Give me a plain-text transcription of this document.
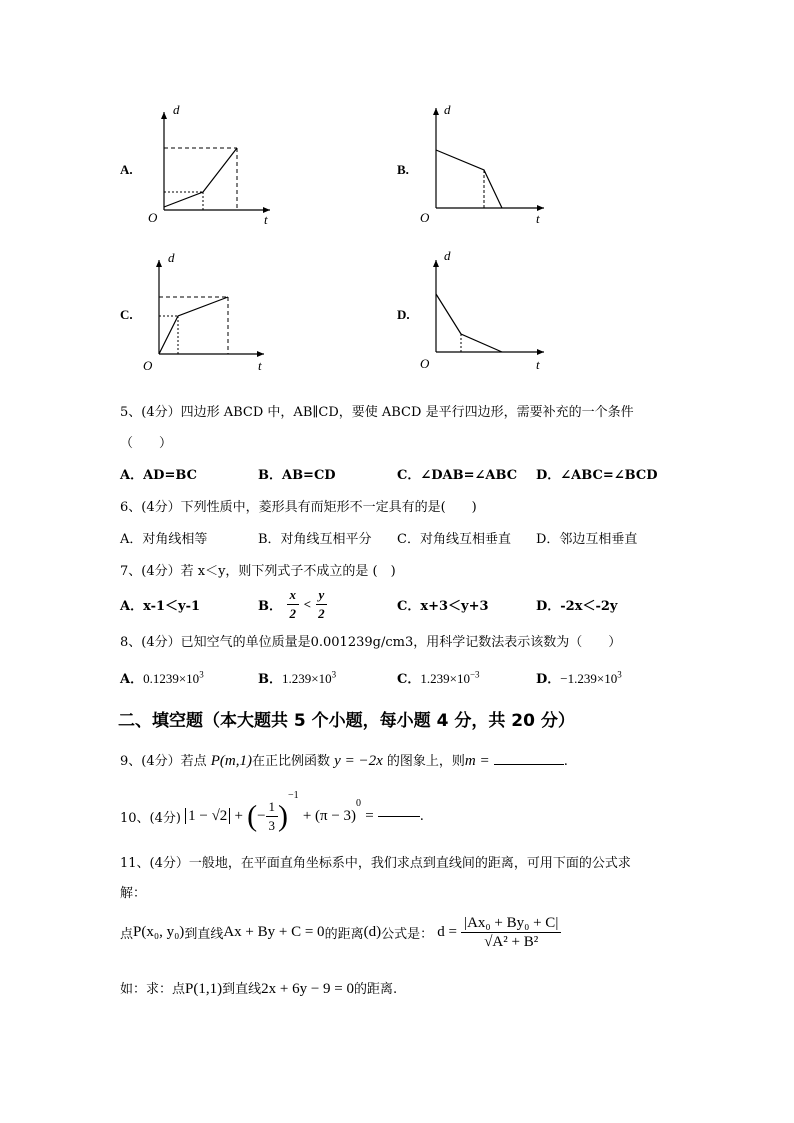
A.
d
t
O
B.
d
t
O
C.
d
t
O
D.
d
t
O
5、(4分）四边形 ABCD 中，AB∥CD，要使 ABCD 是平行四边形，需要补充的一个条件
（　　）
A．AD=BC	B．AB=CD	C．∠DAB=∠ABC D．∠ABC=∠BCD
6、(4分）下列性质中，菱形具有而矩形不一定具有的是(　　)
A．对角线相等	B．对角线互相平分 C．对角线互相垂直 D．邻边互相垂直
7、(4分）若 x＜y，则下列式子不成立的是 (　)
A．x-1＜y-1	B． $\frac{x}{2} < \frac{y}{2}$	C．x+3＜y+3	D．-2x＜-2y
8、(4分）已知空气的单位质量是0.001239g/cm3，用科学记数法表示该数为（　　）
A．$0.1239\times 10^3$	B．$1.239\times 10^3$	C．$1.239\times 10^{-3}$	D．$-1.239\times 10^3$
二、填空题（本大题共 5 个小题，每小题 4 分，共 20 分）
9、(4分）若点 P(m,1)在正比例函数 y = −2x 的图象上，则m =	.
10、(4分) 1 − √2 + (− $\frac{1}{3} )^{-1} + (\pi - 3)^0$ =	.
11、(4分）一般地，在平面直角坐标系中，我们求点到直线间的距离，可用下面的公式求
解：
点P(x₀, y₀)到直线Ax + By + C = 0的距离(d)公式是： $d = \frac{\text{|Ax₀ + By₀ + C|}}{\text{√A² + B²}}$
如：求：点P(1,1)到直线2x + 6y − 9 = 0的距离.
